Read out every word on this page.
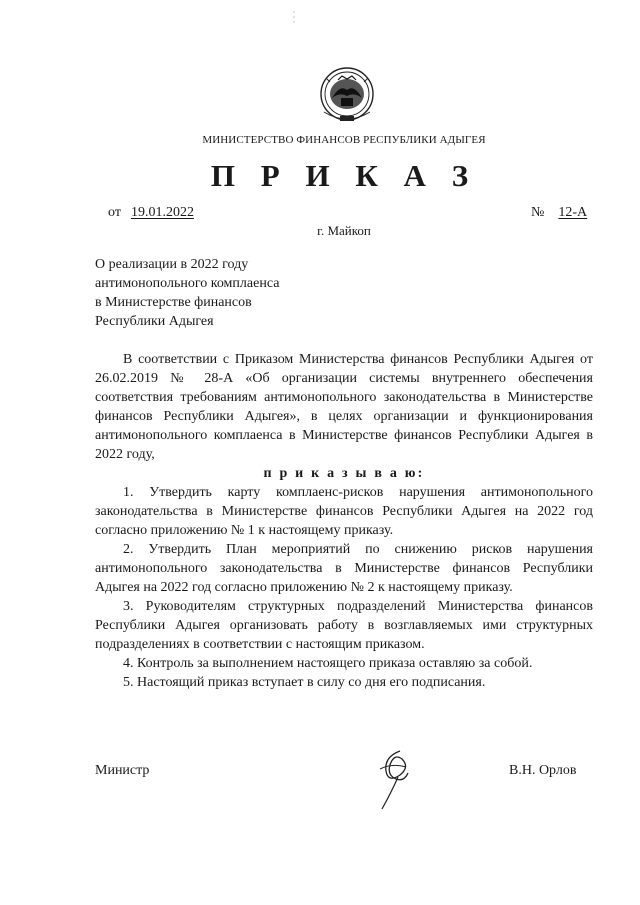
МИНИСТЕРСТВО ФИНАНСОВ РЕСПУБЛИКИ АДЫГЕЯ
П Р И К А З
от 19.01.2022	№ 12-А
г. Майкоп
О реализации в 2022 году
антимонопольного комплаенса
в Министерстве финансов
Республики Адыгея

В соответствии с Приказом Министерства финансов Республики Адыгея от 26.02.2019 № 28-А «Об организации системы внутреннего обеспечения соответствия требованиям антимонопольного законодательства в Министерстве финансов Республики Адыгея», в целях организации и функционирования антимонопольного комплаенса в Министерстве финансов Республики Адыгея в 2022 году,

п р и к а з ы в а ю:

1. Утвердить карту комплаенс-рисков нарушения антимонопольного законодательства в Министерстве финансов Республики Адыгея на 2022 год согласно приложению № 1 к настоящему приказу.

2. Утвердить План мероприятий по снижению рисков нарушения антимонопольного законодательства в Министерстве финансов Республики Адыгея на 2022 год согласно приложению № 2 к настоящему приказу.

3. Руководителям структурных подразделений Министерства финансов Республики Адыгея организовать работу в возглавляемых ими структурных подразделениях в соответствии с настоящим приказом.

4. Контроль за выполнением настоящего приказа оставляю за собой.

5. Настоящий приказ вступает в силу со дня его подписания.

Министр	В.Н. Орлов
